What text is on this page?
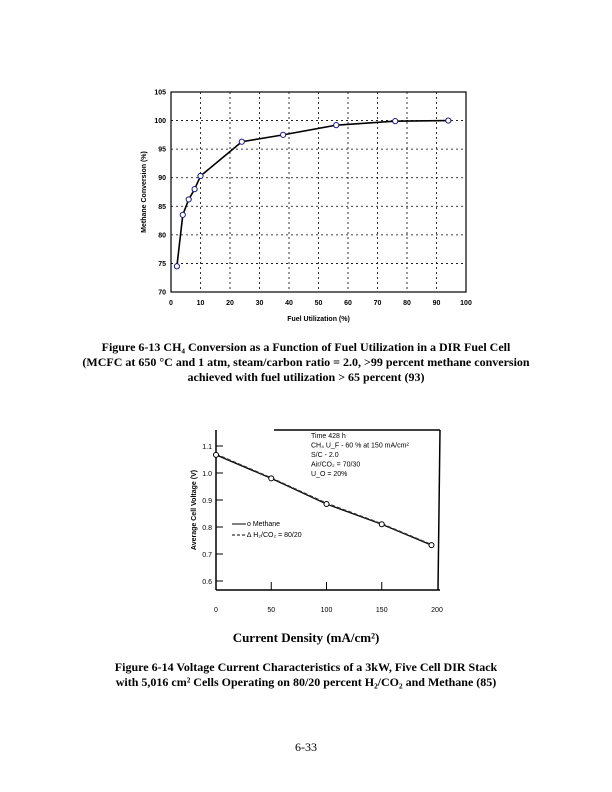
0	10	20	30	40	50	60	70	80	90	100
70
75
80
85
90
95
100
105
Fuel Utilization (%)
Methane Conversion (%)
Figure 6-13 CH₄ Conversion as a Function of Fuel Utilization in a DIR Fuel Cell
(MCFC at 650 °C and 1 atm, steam/carbon ratio = 2.0, >99 percent methane conversion
achieved with fuel utilization > 65 percent (93)
0.6
0.7
0.8
0.9
1.0
1.1
0	50	100	150	200
Average Cell Voltage (V)
Time 428 h
CH₄ U_F - 60 % at 150 mA/cm²
S/C - 2.0
Air/CO₂ = 70/30
U_O = 20%
o Methane
∆ H₂/CO₂ = 80/20
Current Density (mA/cm²)
Figure 6-14 Voltage Current Characteristics of a 3kW, Five Cell DIR Stack
with 5,016 cm² Cells Operating on 80/20 percent H₂/CO₂ and Methane (85)
6-33
